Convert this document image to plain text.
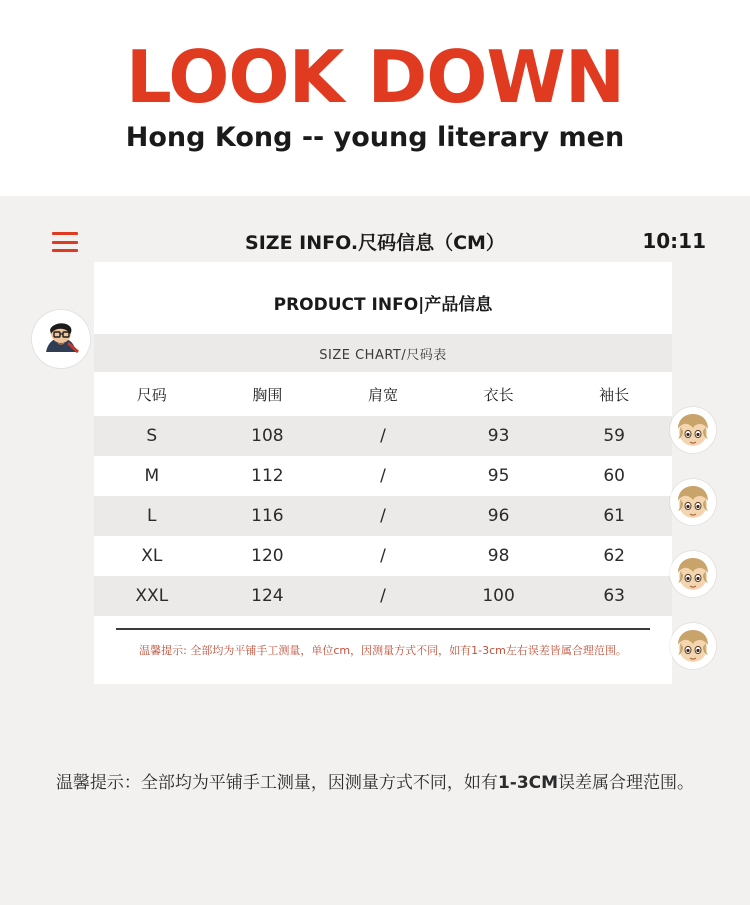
LOOK DOWN
Hong Kong -- young literary men
SIZE INFO.尺码信息（CM）	10:11
PRODUCT INFO|产品信息
SIZE CHART/尺码表				
尺码	胸围	肩宽	衣长	袖长
S	108	/	93	59
M	112	/	95	60
L	116	/	96	61
XL	120	/	98	62
XXL	124	/	100	63
温馨提示: 全部均为平铺手工测量，单位cm，因测量方式不同，如有1-3cm左右误差皆属合理范围。
温馨提示：全部均为平铺手工测量，因测量方式不同，如有1-3CM误差属合理范围。
